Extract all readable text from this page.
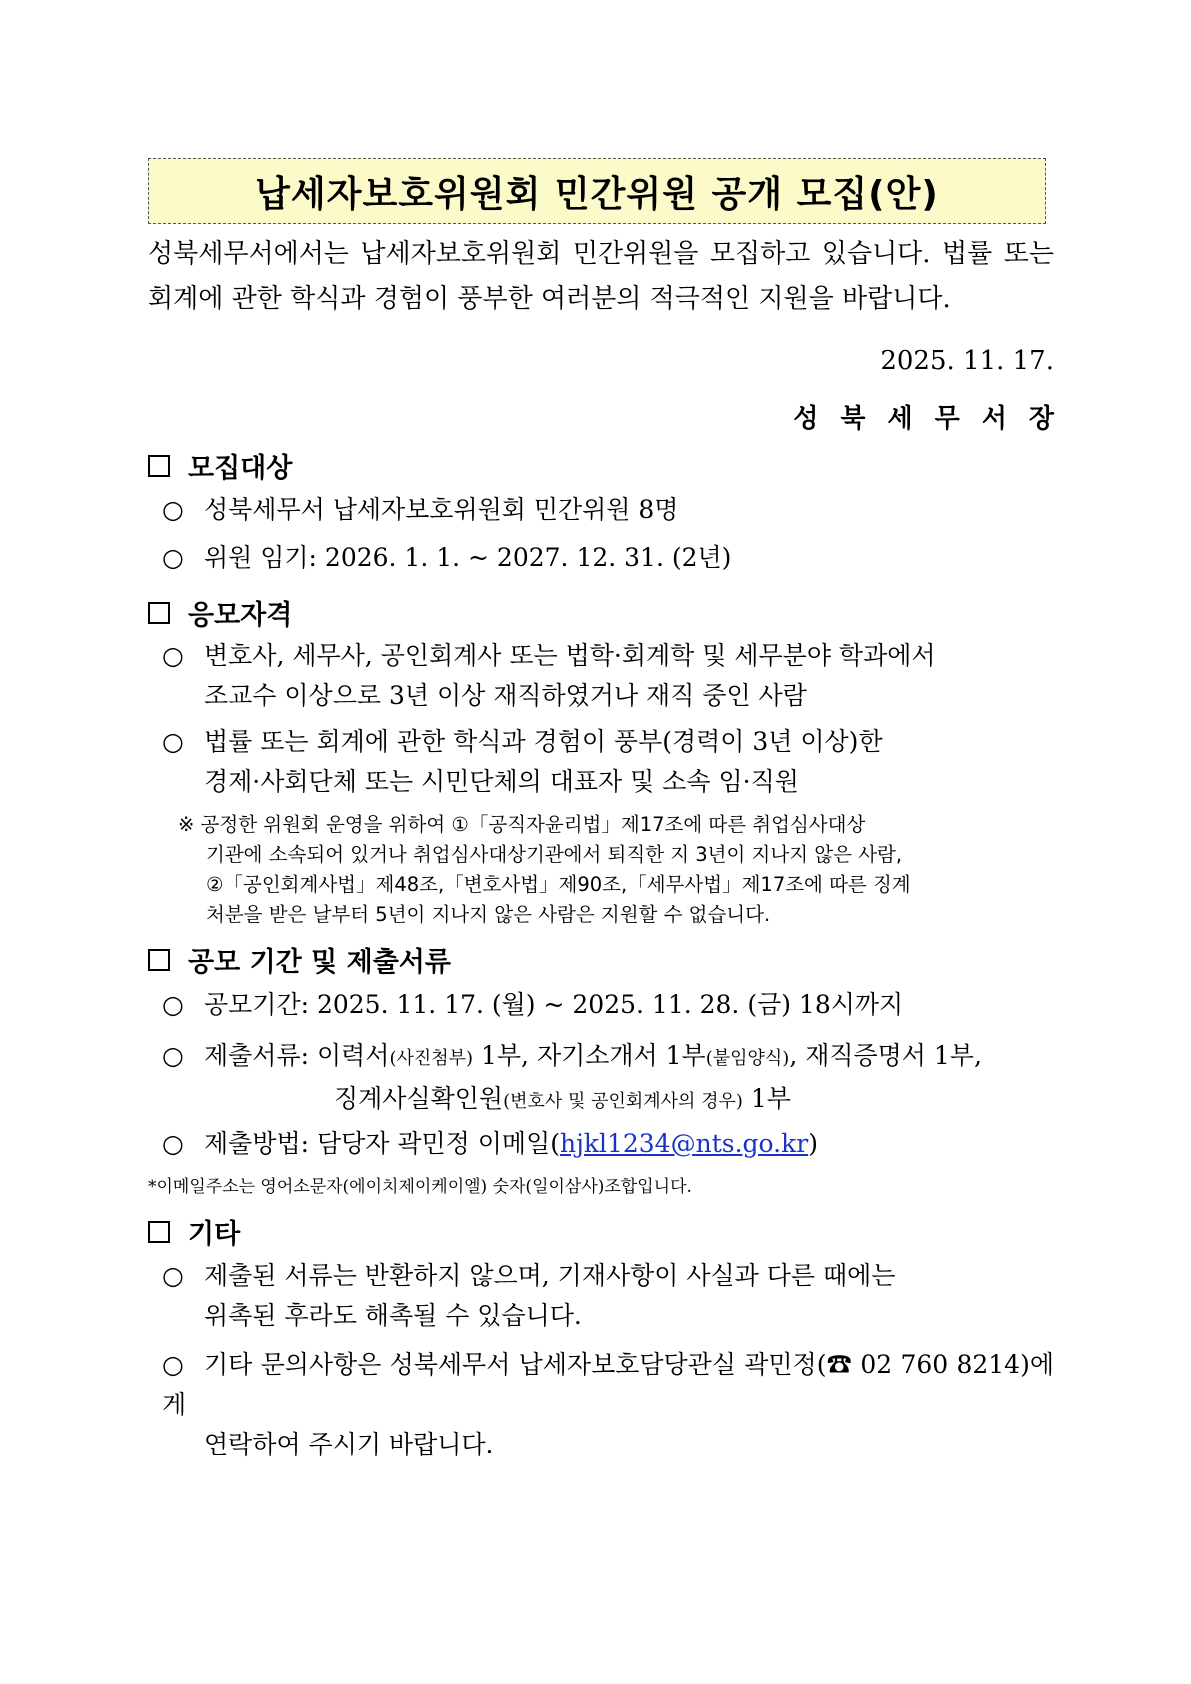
납세자보호위원회 민간위원 공개 모집(안)
성북세무서에서는 납세자보호위원회 민간위원을 모집하고 있습니다. 법률 또는 회계에 관한 학식과 경험이 풍부한 여러분의 적극적인 지원을 바랍니다.
2025. 11. 17.
성북세무서장
모집대상
○ 성북세무서 납세자보호위원회 민간위원 8명
○ 위원 임기: 2026. 1. 1. ~ 2027. 12. 31. (2년)
응모자격
○ 변호사, 세무사, 공인회계사 또는 법학·회계학 및 세무분야 학과에서
조교수 이상으로 3년 이상 재직하였거나 재직 중인 사람
○ 법률 또는 회계에 관한 학식과 경험이 풍부(경력이 3년 이상)한
경제·사회단체 또는 시민단체의 대표자 및 소속 임·직원
※ 공정한 위원회 운영을 위하여 ①「공직자윤리법」제17조에 따른 취업심사대상
기관에 소속되어 있거나 취업심사대상기관에서 퇴직한 지 3년이 지나지 않은 사람,
②「공인회계사법」제48조,「변호사법」제90조,「세무사법」제17조에 따른 징계
처분을 받은 날부터 5년이 지나지 않은 사람은 지원할 수 없습니다.
공모 기간 및 제출서류
○ 공모기간: 2025. 11. 17. (월) ~ 2025. 11. 28. (금) 18시까지
○ 제출서류: 이력서(사진첨부) 1부, 자기소개서 1부(붙임양식), 재직증명서 1부,
징계사실확인원(변호사 및 공인회계사의 경우) 1부
○ 제출방법: 담당자 곽민정 이메일(hjkl1234@nts.go.kr)
*이메일주소는 영어소문자(에이치제이케이엘) 숫자(일이삼사)조합입니다.
기타
○ 제출된 서류는 반환하지 않으며, 기재사항이 사실과 다른 때에는
위촉된 후라도 해촉될 수 있습니다.
○ 기타 문의사항은 성북세무서 납세자보호담당관실 곽민정(☎ 02 760 8214)에게
연락하여 주시기 바랍니다.
